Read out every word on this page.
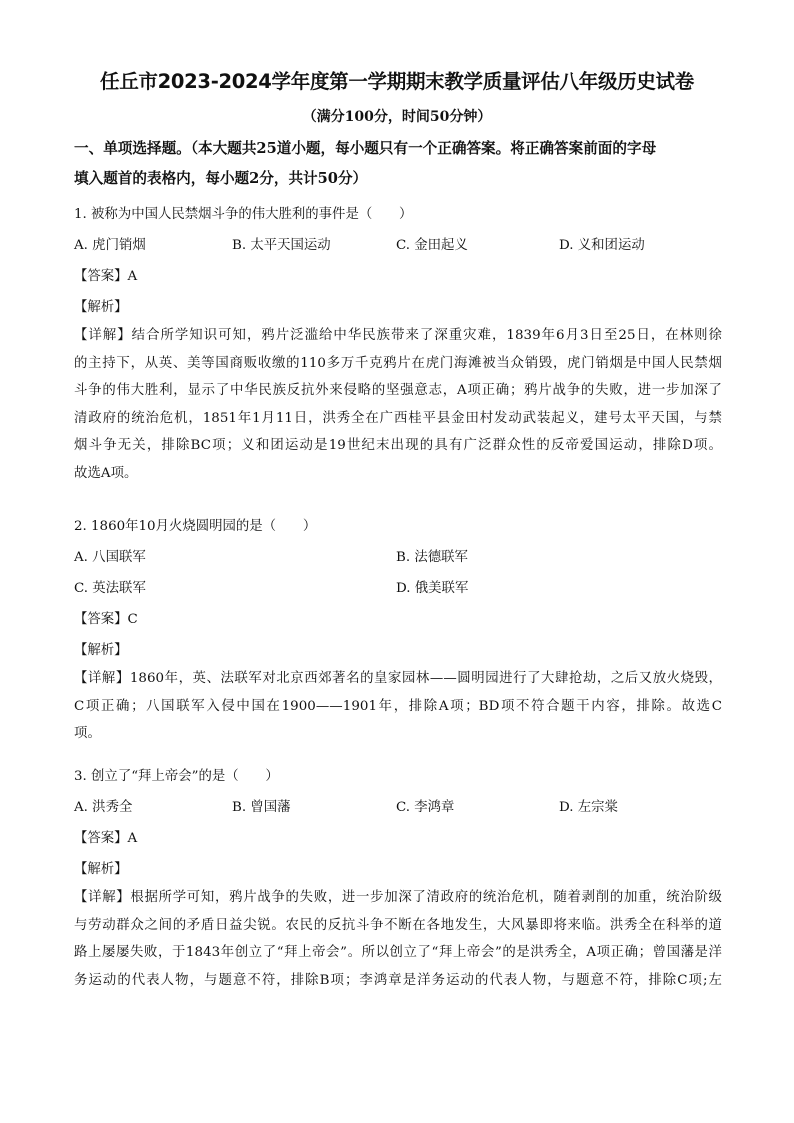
任丘市2023-2024学年度第一学期期末教学质量评估八年级历史试卷
（满分100分，时间50分钟）
一、单项选择题。（本大题共25道小题，每小题只有一个正确答案。将正确答案前面的字母
填入题首的表格内，每小题2分，共计50分）
1. 被称为中国人民禁烟斗争的伟大胜利的事件是（　　）
A. 虎门销烟	B. 太平天国运动	C. 金田起义	D. 义和团运动
【答案】A
【解析】
【详解】结合所学知识可知，鸦片泛滥给中华民族带来了深重灾难，1839年6月3日至25日，在林则徐
的主持下，从英、美等国商贩收缴的110多万千克鸦片在虎门海滩被当众销毁，虎门销烟是中国人民禁烟
斗争的伟大胜利，显示了中华民族反抗外来侵略的坚强意志，A项正确；鸦片战争的失败，进一步加深了
清政府的统治危机，1851年1月11日，洪秀全在广西桂平县金田村发动武装起义，建号太平天国，与禁
烟斗争无关，排除BC项；义和团运动是19世纪末出现的具有广泛群众性的反帝爱国运动，排除D项。
故选A项。
2. 1860年10月火烧圆明园的是（　　）
A. 八国联军	B. 法德联军
C. 英法联军	D. 俄美联军
【答案】C
【解析】
【详解】1860年，英、法联军对北京西郊著名的皇家园林——圆明园进行了大肆抢劫，之后又放火烧毁，
C项正确；八国联军入侵中国在1900——1901年，排除A项；BD项不符合题干内容，排除。故选C
项。
3. 创立了“拜上帝会”的是（　　）
A. 洪秀全	B. 曾国藩	C. 李鸿章	D. 左宗棠
【答案】A
【解析】
【详解】根据所学可知，鸦片战争的失败，进一步加深了清政府的统治危机，随着剥削的加重，统治阶级
与劳动群众之间的矛盾日益尖锐。农民的反抗斗争不断在各地发生，大风暴即将来临。洪秀全在科举的道
路上屡屡失败，于1843年创立了“拜上帝会”。所以创立了“拜上帝会”的是洪秀全，A项正确；曾国藩是洋
务运动的代表人物，与题意不符，排除B项；李鸿章是洋务运动的代表人物，与题意不符，排除C项;左
